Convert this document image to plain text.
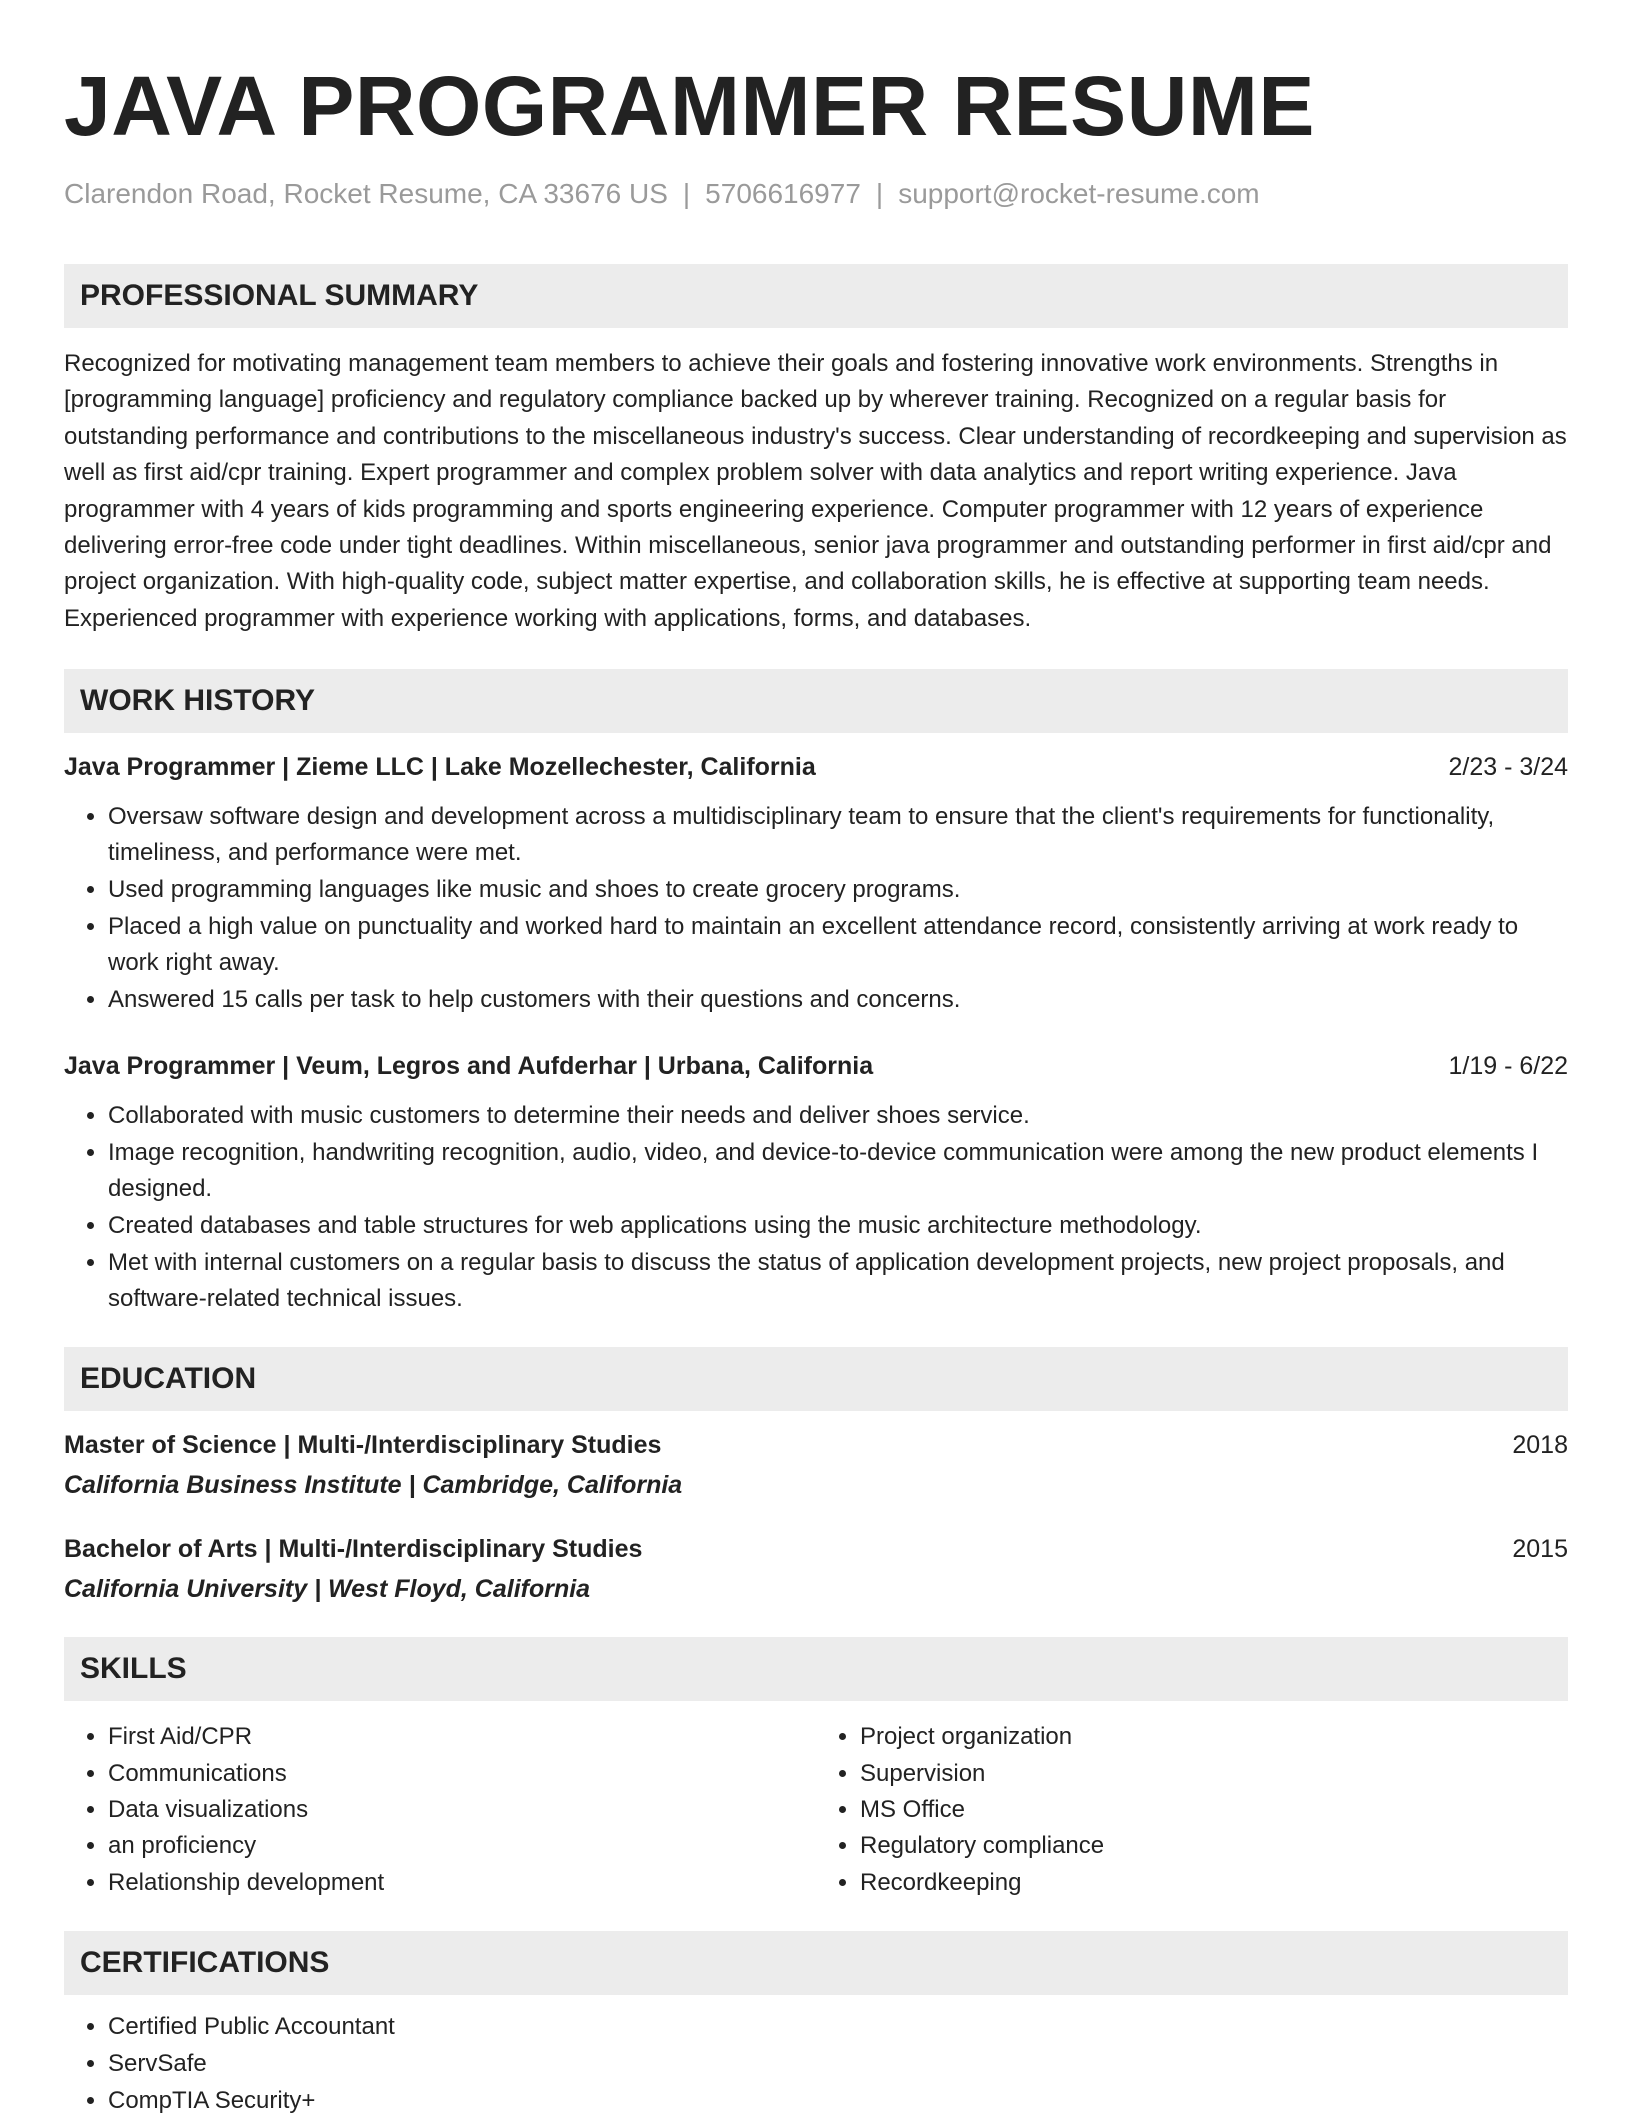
JAVA PROGRAMMER RESUME
Clarendon Road, Rocket Resume, CA 33676 US | 5706616977 | support@rocket-resume.com
PROFESSIONAL SUMMARY

Recognized for motivating management team members to achieve their goals and fostering innovative work environments. Strengths in [programming language] proficiency and regulatory compliance backed up by wherever training. Recognized on a regular basis for outstanding performance and contributions to the miscellaneous industry's success. Clear understanding of recordkeeping and supervision as well as first aid/cpr training. Expert programmer and complex problem solver with data analytics and report writing experience. Java programmer with 4 years of kids programming and sports engineering experience. Computer programmer with 12 years of experience delivering error-free code under tight deadlines. Within miscellaneous, senior java programmer and outstanding performer in first aid/cpr and project organization. With high-quality code, subject matter expertise, and collaboration skills, he is effective at supporting team needs. Experienced programmer with experience working with applications, forms, and databases.

WORK HISTORY
Java Programmer | Zieme LLC | Lake Mozellechester, California	2/23 - 3/24
• Oversaw software design and development across a multidisciplinary team to ensure that the client's requirements for functionality, timeliness, and performance were met.
• Used programming languages like music and shoes to create grocery programs.
• Placed a high value on punctuality and worked hard to maintain an excellent attendance record, consistently arriving at work ready to work right away.
• Answered 15 calls per task to help customers with their questions and concerns.
Java Programmer | Veum, Legros and Aufderhar | Urbana, California	1/19 - 6/22
• Collaborated with music customers to determine their needs and deliver shoes service.
• Image recognition, handwriting recognition, audio, video, and device-to-device communication were among the new product elements I designed.
• Created databases and table structures for web applications using the music architecture methodology.
• Met with internal customers on a regular basis to discuss the status of application development projects, new project proposals, and software-related technical issues.
EDUCATION
Master of Science | Multi-/Interdisciplinary Studies	2018
California Business Institute | Cambridge, California
Bachelor of Arts | Multi-/Interdisciplinary Studies	2015
California University | West Floyd, California
SKILLS
• First Aid/CPR
• Communications
• Data visualizations
• an proficiency
• Relationship development
• Project organization
• Supervision
• MS Office
• Regulatory compliance
• Recordkeeping
CERTIFICATIONS
• Certified Public Accountant
• ServSafe
• CompTIA Security+
